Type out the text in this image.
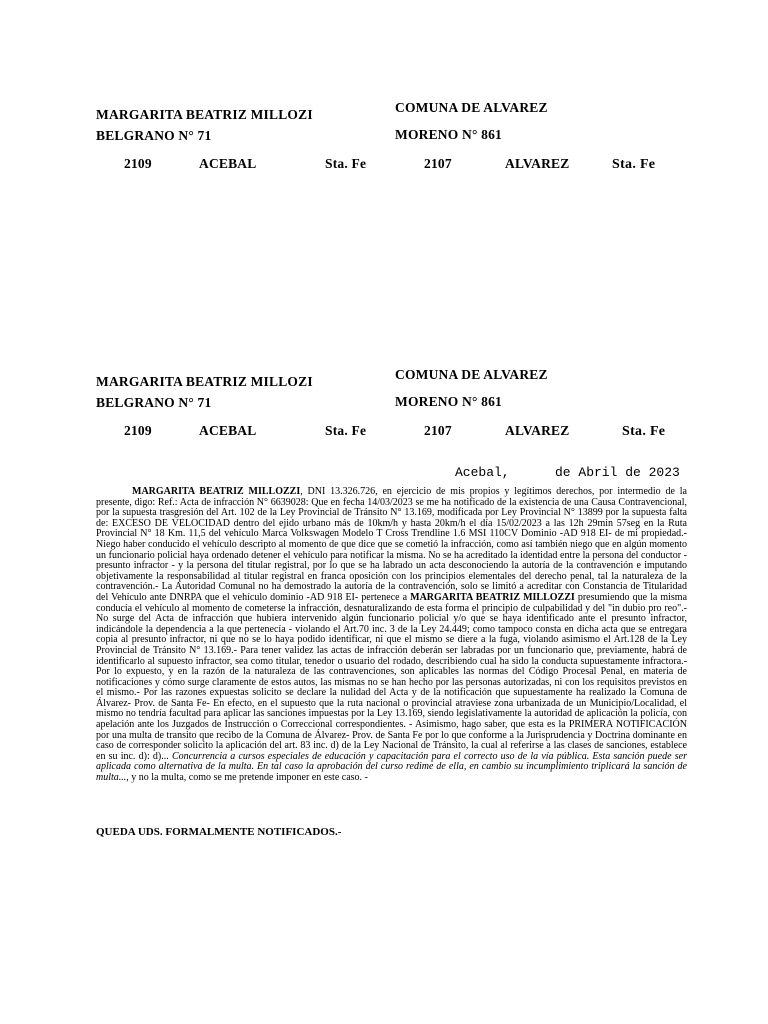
MARGARITA BEATRIZ MILLOZI
BELGRANO N° 71
2109	ACEBAL	Sta. Fe
COMUNA DE ALVAREZ
MORENO N° 861
2107	ALVAREZ	Sta. Fe
MARGARITA BEATRIZ MILLOZI
BELGRANO N° 71
2109	ACEBAL	Sta. Fe
COMUNA DE ALVAREZ
MORENO N° 861
2107	ALVAREZ	Sta. Fe
Acebal,	de Abril de 2023

MARGARITA BEATRIZ MILLOZZI, DNI 13.326.726, en ejercicio de mis propios y legítimos derechos, por intermedio de la presente, digo: Ref.: Acta de infracción N° 6639028: Que en fecha 14/03/2023 se me ha notificado de la existencia de una Causa Contravencional, por la supuesta trasgresión del Art. 102 de la Ley Provincial de Tránsito N° 13.169, modificada por Ley Provincial N° 13899 por la supuesta falta de: EXCESO DE VELOCIDAD dentro del ejido urbano más de 10km/h y hasta 20km/h el día 15/02/2023 a las 12h 29min 57seg en la Ruta Provincial N° 18 Km. 11,5 del vehículo Marca Volkswagen Modelo T Cross Trendline 1.6 MSI 110CV Dominio -AD 918 EI- de mi propiedad.- Niego haber conducido el vehículo descripto al momento de que dice que se cometió la infracción, como así también niego que en algún momento un funcionario policial haya ordenado detener el vehículo para notificar la misma. No se ha acreditado la identidad entre la persona del conductor - presunto infractor - y la persona del titular registral, por lo que se ha labrado un acta desconociendo la autoría de la contravención e imputando objetivamente la responsabilidad al titular registral en franca oposición con los principios elementales del derecho penal, tal la naturaleza de la contravención.- La Autoridad Comunal no ha demostrado la autoría de la contravención, solo se limitó a acreditar con Constancia de Titularidad del Vehículo ante DNRPA que el vehículo dominio -AD 918 EI- pertenece a MARGARITA BEATRIZ MILLOZZI presumiendo que la misma conducía el vehículo al momento de cometerse la infracción, desnaturalizando de esta forma el principio de culpabilidad y del "in dubio pro reo".- No surge del Acta de infracción que hubiera intervenido algún funcionario policial y/o que se haya identificado ante el presunto infractor, indicándole la dependencia a la que pertenecía - violando el Art.70 inc. 3 de la Ley 24.449; como tampoco consta en dicha acta que se entregara copia al presunto infractor, ni que no se lo haya podido identificar, ni que el mismo se diere a la fuga, violando asimismo el Art.128 de la Ley Provincial de Tránsito N° 13.169.- Para tener validez las actas de infracción deberán ser labradas por un funcionario que, previamente, habrá de identificarlo al supuesto infractor, sea como titular, tenedor o usuario del rodado, describiendo cual ha sido la conducta supuestamente infractora.- Por lo expuesto, y en la razón de la naturaleza de las contravenciones, son aplicables las normas del Código Procesal Penal, en materia de notificaciones y cómo surge claramente de estos autos, las mismas no se han hecho por las personas autorizadas, ni con los requisitos previstos en el mismo.- Por las razones expuestas solicito se declare la nulidad del Acta y de la notificación que supuestamente ha realizado la Comuna de Álvarez- Prov. de Santa Fe- En efecto, en el supuesto que la ruta nacional o provincial atraviese zona urbanizada de un Municipio/Localidad, el mismo no tendría facultad para aplicar las sanciones impuestas por la Ley 13.169, siendo legislativamente la autoridad de aplicación la policía, con apelación ante los Juzgados de Instrucción o Correccional correspondientes. - Asimismo, hago saber, que esta es la PRIMERA NOTIFICACIÓN por una multa de transito que recibo de la Comuna de Álvarez- Prov. de Santa Fe por lo que conforme a la Jurisprudencia y Doctrina dominante en caso de corresponder solicito la aplicación del art. 83 inc. d) de la Ley Nacional de Tránsito, la cual al referirse a las clases de sanciones, establece en su inc. d): d)... Concurrencia a cursos especiales de educación y capacitación para el correcto uso de la vía pública. Esta sanción puede ser aplicada como alternativa de la multa. En tal caso la aprobación del curso redime de ella, en cambio su incumplimiento triplicará la sanción de multa..., y no la multa, como se me pretende imponer en este caso. -

QUEDA UDS. FORMALMENTE NOTIFICADOS.-
